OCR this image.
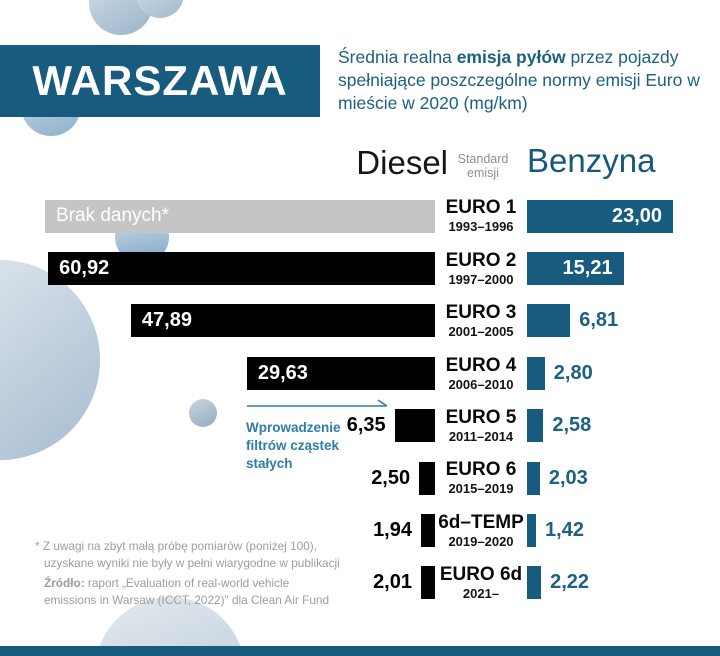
WARSZAWA	Średnia realna emisja pyłów przez pojazdy spełniające poszczególne normy emisji Euro w mieście w 2020 (mg/km)
Diesel Standard emisji Benzyna
Brak danych*	EURO 1
1993–1996
23,00
60,92	EURO 2
1997–2000
15,21
47,89	EURO 3
2001–2005
6,81
29,63	EURO 4
2006–2010
2,80
6,35	EURO 5
2011–2014
2,58
2,50	EURO 6
2015–2019
2,03
1,94 6d–TEMP
2019–2020
1,42
2,01 EURO 6d
2021–
2,22
Wprowadzenie filtrów cząstek stałych
* Z uwagi na zbyt małą próbę pomiarów (poniżej 100), uzyskane wyniki nie były w pełni wiarygodne w publikacji
Źródło: raport „Evaluation of real-world vehicle emissions in Warsaw (ICCT, 2022)" dla Clean Air Fund
